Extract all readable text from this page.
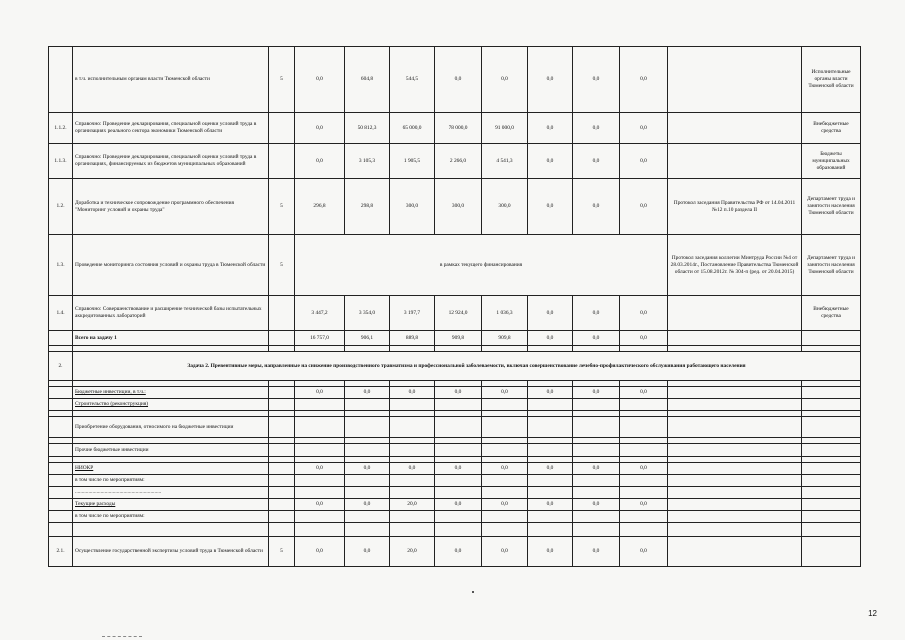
	в т.ч. исполнительным органам власти Тюменской области	5	0,0	604,8	544,5	0,0	0,0	0,0	0,0	0,0		Исполнительные органы власти Тюменской области
1.1.2.	Справочно: Проведение декларирования, специальной оценки условий труда в организациях реального сектора экономики Тюменской области		0,0	50 812,3	65 000,0	78 000,0	91 000,0	0,0	0,0	0,0		Внебюджетные средства
1.1.3.	Справочно: Проведение декларирования, специальной оценки условий труда в организациях, финансируемых из бюджетов муниципальных образований		0,0	3 105,3	1 905,5	2 266,0	4 541,3	0,0	0,0	0,0		Бюджеты муниципальных образований
1.2.	Доработка и техническое сопровождение программного обеспечения "Мониторинг условий и охраны труда"	5	296,8	298,8	300,0	300,0	300,0	0,0	0,0	0,0	Протокол заседания Правительства РФ от 14.04.2011 №12 п.10 раздела II	Департамент труда и занятости населения Тюменской области
1.3.	Проведение мониторинга состояния условий и охраны труда в Тюменской области	5	в рамках текущего финансирования								Протокол заседания коллегии Минтруда России №4 от 28.03.2014г., Постановление Правительства Тюменской области от 15.08.2012г. № 304-п (ред. от 20.04.2015)	Департамент труда и занятости населения Тюменской области
1.4.	Справочно: Совершенствование и расширение технической базы испытательных аккредитованных лабораторий		3 447,2	3 354,0	3 197,7	12 924,0	1 036,3	0,0	0,0	0,0		Внебюджетные средства
	Всего на задачу 1		16 757,0	906,1	889,8	909,8	909,8	0,0	0,0	0,0		

2.	Задача 2. Превентивные меры, направленные на снижение производственного травматизма и профессиональной заболеваемости, включая совершенствование лечебно-профилактического обслуживания работающего населения											

	Бюджетные инвестиции, в т.ч.:		0,0	0,0	0,0	0,0	0,0	0,0	0,0	0,0		
	Строительство (реконструкция)											

	Приобретение оборудования, относимого на бюджетные инвестиции											

	Прочие бюджетные инвестиции											

	НИОКР		0,0	0,0	0,0	0,0	0,0	0,0	0,0	0,0		
	в том числе по мероприятиям:											
	................................................................											
	Текущие расходы		0,0	0,0	20,0	0,0	0,0	0,0	0,0	0,0		
	в том числе по мероприятиям:											

2.1.	Осуществление государственной экспертизы условий труда в Тюменской области	5	0,0	0,0	20,0	0,0	0,0	0,0	0,0	0,0		
12
